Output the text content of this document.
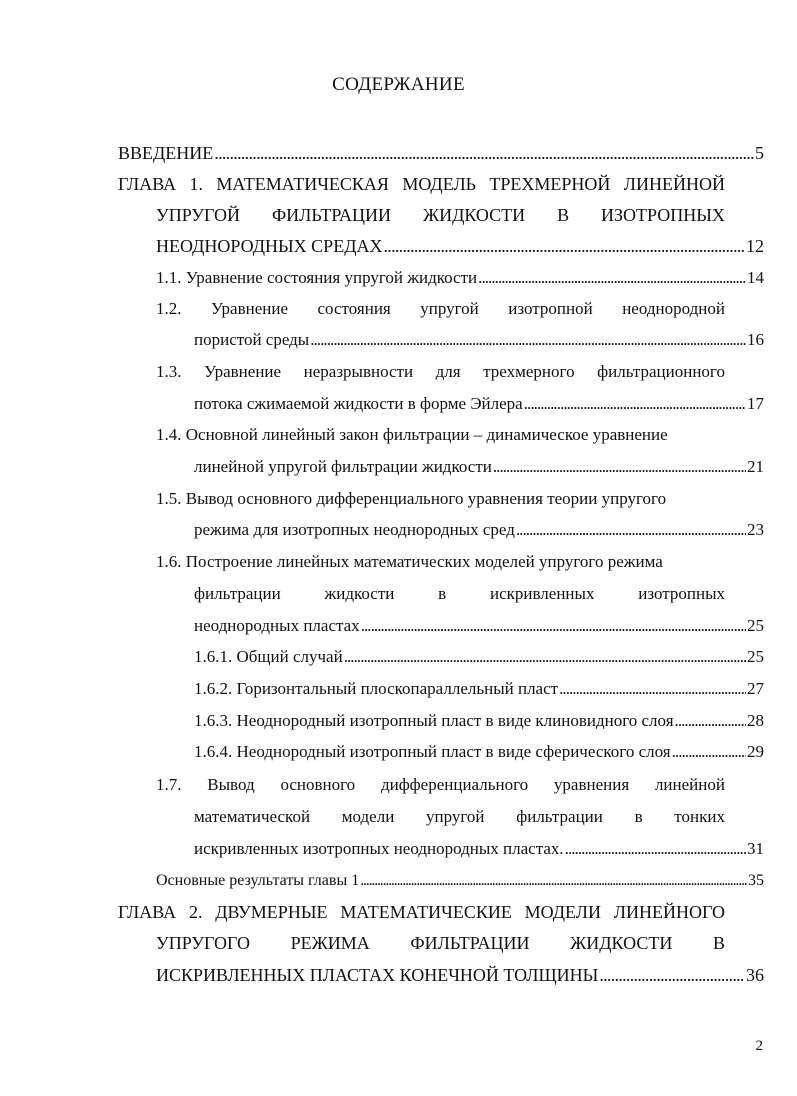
СОДЕРЖАНИЕ
ВВЕДЕНИЕ . . .	5
ГЛАВА 1. МАТЕМАТИЧЕСКАЯ МОДЕЛЬ ТРЕХМЕРНОЙ ЛИНЕЙНОЙ
УПРУГОЙ ФИЛЬТРАЦИИ ЖИДКОСТИ В ИЗОТРОПНЫХ
НЕОДНОРОДНЫХ СРЕДАХ . . .	12
1.1. Уравнение состояния упругой жидкости . . .	14
1.2. Уравнение состояния упругой изотропной неоднородной
пористой среды . . .	16
1.3. Уравнение неразрывности для трехмерного фильтрационного
потока сжимаемой жидкости в форме Эйлера . . .	17
1.4. Основной линейный закон фильтрации – динамическое уравнение
линейной упругой фильтрации жидкости . . .	21
1.5. Вывод основного дифференциального уравнения теории упругого
режима для изотропных неоднородных сред . . .	23
1.6. Построение линейных математических моделей упругого режима
фильтрации	жидкости	в	искривленных	изотропных
неоднородных пластах . . .	25
1.6.1. Общий случай . . .	25
1.6.2. Горизонтальный плоскопараллельный пласт . . .	27
1.6.3. Неоднородный изотропный пласт в виде клиновидного слоя . . .	28
1.6.4. Неоднородный изотропный пласт в виде сферического слоя . . .	29
1.7. Вывод основного дифференциального уравнения линейной
математической модели упругой фильтрации в тонких
искривленных изотропных неоднородных пластах. . . .	31
Основные результаты главы 1 . . .	35
ГЛАВА 2. ДВУМЕРНЫЕ МАТЕМАТИЧЕСКИЕ МОДЕЛИ ЛИНЕЙНОГО
УПРУГОГО РЕЖИМА ФИЛЬТРАЦИИ ЖИДКОСТИ В
ИСКРИВЛЕННЫХ ПЛАСТАХ КОНЕЧНОЙ ТОЛЩИНЫ . . .	36
2
